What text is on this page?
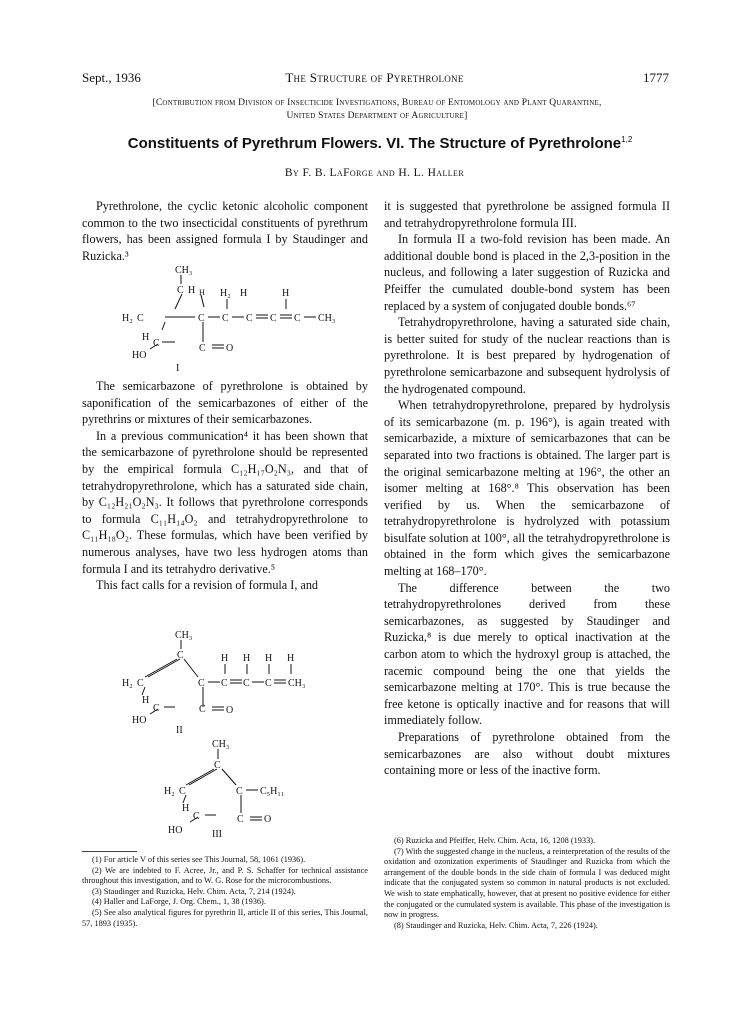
Sept., 1936	The Structure of Pyrethrolone	1777
[Contribution from Division of Insecticide Investigations, Bureau of Entomology and Plant Quarantine,
United States Department of Agriculture]
Constituents of Pyrethrum Flowers. VI. The Structure of Pyrethrolone$^{1,2}$
By F. B. LaForge and H. L. Haller

Pyrethrolone, the cyclic ketonic alcoholic component common to the two insecticidal constituents of pyrethrum flowers, has been assigned formula I by Staudinger and Ruzicka.³

CH₃
C H H H₂ H	H
H₂ C	C C C C C CH₃
H
C
HO
C O
I

The semicarbazone of pyrethrolone is obtained by saponification of the semicarbazones of either of the pyrethrins or mixtures of their semicarbazones.

In a previous communication⁴ it has been shown that the semicarbazone of pyrethrolone should be represented by the empirical formula C₁₂H₁₇O₂N₃, and that of tetrahydropyrethrolone, which has a saturated side chain, by C₁₂H₂₁O₂N₃. It follows that pyrethrolone corresponds to formula C₁₁H₁₄O₂ and tetrahydropyrethrolone to C₁₁H₁₈O₂. These formulas, which have been verified by numerous analyses, have two less hydrogen atoms than formula I and its tetrahydro derivative.⁵

This fact calls for a revision of formula I, and

CH₃
C	H H H H
H₂ C	C C C C CH₃
H
C
HO
C O
II
CH₃
C
H₂ C	C C₅H₁₁
H
C
HO
C O
III

it is suggested that pyrethrolone be assigned formula II and tetrahydropyrethrolone formula III.

In formula II a two-fold revision has been made. An additional double bond is placed in the 2,3-position in the nucleus, and following a later suggestion of Ruzicka and Pfeiffer the cumulated double-bond system has been replaced by a system of conjugated double bonds.⁶⁷

Tetrahydropyrethrolone, having a saturated side chain, is better suited for study of the nuclear reactions than is pyrethrolone. It is best prepared by hydrogenation of pyrethrolone semicarbazone and subsequent hydrolysis of the hydrogenated compound.

When tetrahydropyrethrolone, prepared by hydrolysis of its semicarbazone (m. p. 196°), is again treated with semicarbazide, a mixture of semicarbazones that can be separated into two fractions is obtained. The larger part is the original semicarbazone melting at 196°, the other an isomer melting at 168°.⁸ This observation has been verified by us. When the semicarbazone of tetrahydropyrethrolone is hydrolyzed with potassium bisulfate solution at 100°, all the tetrahydropyrethrolone is obtained in the form which gives the semicarbazone melting at 168–170°.

The difference between the two tetrahydropyrethrolones derived from these semicarbazones, as suggested by Staudinger and Ruzicka,⁸ is due merely to optical inactivation at the carbon atom to which the hydroxyl group is attached, the racemic compound being the one that yields the semicarbazone melting at 170°. This is true because the free ketone is optically inactive and for reasons that will immediately follow.

Preparations of pyrethrolone obtained from the semicarbazones are also without doubt mixtures containing more or less of the inactive form.

(1) For article V of this series see This Journal, 58, 1061 (1936).

(2) We are indebted to F. Acree, Jr., and P. S. Schaffer for technical assistance throughout this investigation, and to W. G. Rose for the microcombustions.

(3) Staudinger and Ruzicka, Helv. Chim. Acta, 7, 214 (1924).

(4) Haller and LaForge, J. Org. Chem., 1, 38 (1936).

(5) See also analytical figures for pyrethrin II, article II of this series, This Journal, 57, 1893 (1935).

(6) Ruzicka and Pfeiffer, Helv. Chim. Acta, 16, 1208 (1933).

(7) With the suggested change in the nucleus, a reinterpretation of the results of the oxidation and ozonization experiments of Staudinger and Ruzicka from which the arrangement of the double bonds in the side chain of formula I was deduced might indicate that the conjugated system so common in natural products is not excluded. We wish to state emphatically, however, that at present no positive evidence for either the conjugated or the cumulated system is available. This phase of the investigation is now in progress.

(8) Staudinger and Ruzicka, Helv. Chim. Acta, 7, 226 (1924).
